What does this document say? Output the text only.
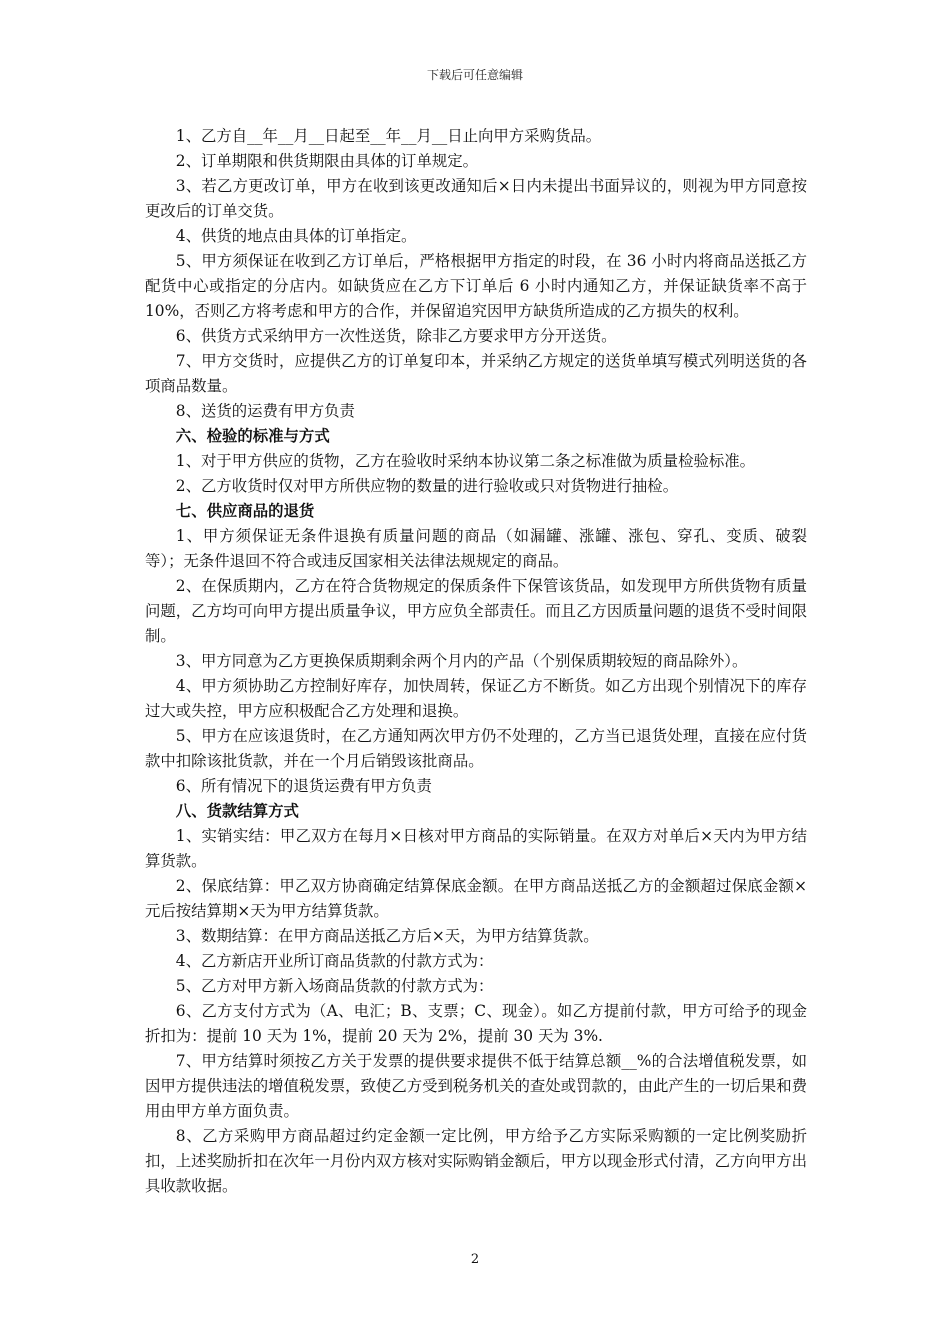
下载后可任意编辑

1、乙方自__年__月__日起至__年__月__日止向甲方采购货品。

2、订单期限和供货期限由具体的订单规定。

3、若乙方更改订单，甲方在收到该更改通知后×日内未提出书面异议的，则视为甲方同意按更改后的订单交货。

4、供货的地点由具体的订单指定。

5、甲方须保证在收到乙方订单后，严格根据甲方指定的时段，在 36 小时内将商品送抵乙方配货中心或指定的分店内。如缺货应在乙方下订单后 6 小时内通知乙方，并保证缺货率不高于 10%，否则乙方将考虑和甲方的合作，并保留追究因甲方缺货所造成的乙方损失的权利。

6、供货方式采纳甲方一次性送货，除非乙方要求甲方分开送货。

7、甲方交货时，应提供乙方的订单复印本，并采纳乙方规定的送货单填写模式列明送货的各项商品数量。

8、送货的运费有甲方负责

六、检验的标准与方式

1、对于甲方供应的货物，乙方在验收时采纳本协议第二条之标准做为质量检验标准。

2、乙方收货时仅对甲方所供应物的数量的进行验收或只对货物进行抽检。

七、供应商品的退货

1、甲方须保证无条件退换有质量问题的商品（如漏罐、涨罐、涨包、穿孔、变质、破裂等）；无条件退回不符合或违反国家相关法律法规规定的商品。

2、在保质期内，乙方在符合货物规定的保质条件下保管该货品，如发现甲方所供货物有质量问题，乙方均可向甲方提出质量争议，甲方应负全部责任。而且乙方因质量问题的退货不受时间限制。

3、甲方同意为乙方更换保质期剩余两个月内的产品（个别保质期较短的商品除外）。

4、甲方须协助乙方控制好库存，加快周转，保证乙方不断货。如乙方出现个别情况下的库存过大或失控，甲方应积极配合乙方处理和退换。

5、甲方在应该退货时，在乙方通知两次甲方仍不处理的，乙方当已退货处理，直接在应付货款中扣除该批货款，并在一个月后销毁该批商品。

6、所有情况下的退货运费有甲方负责

八、货款结算方式

1、实销实结：甲乙双方在每月×日核对甲方商品的实际销量。在双方对单后×天内为甲方结算货款。

2、保底结算：甲乙双方协商确定结算保底金额。在甲方商品送抵乙方的金额超过保底金额×元后按结算期×天为甲方结算货款。

3、数期结算：在甲方商品送抵乙方后×天，为甲方结算货款。

4、乙方新店开业所订商品货款的付款方式为：

5、乙方对甲方新入场商品货款的付款方式为：

6、乙方支付方式为（A、电汇；B、支票；C、现金）。如乙方提前付款，甲方可给予的现金折扣为：提前 10 天为 1%，提前 20 天为 2%，提前 30 天为 3%.

7、甲方结算时须按乙方关于发票的提供要求提供不低于结算总额__%的合法增值税发票，如因甲方提供违法的增值税发票，致使乙方受到税务机关的查处或罚款的，由此产生的一切后果和费用由甲方单方面负责。

8、乙方采购甲方商品超过约定金额一定比例，甲方给予乙方实际采购额的一定比例奖励折扣，上述奖励折扣在次年一月份内双方核对实际购销金额后，甲方以现金形式付清，乙方向甲方出具收款收据。

2
